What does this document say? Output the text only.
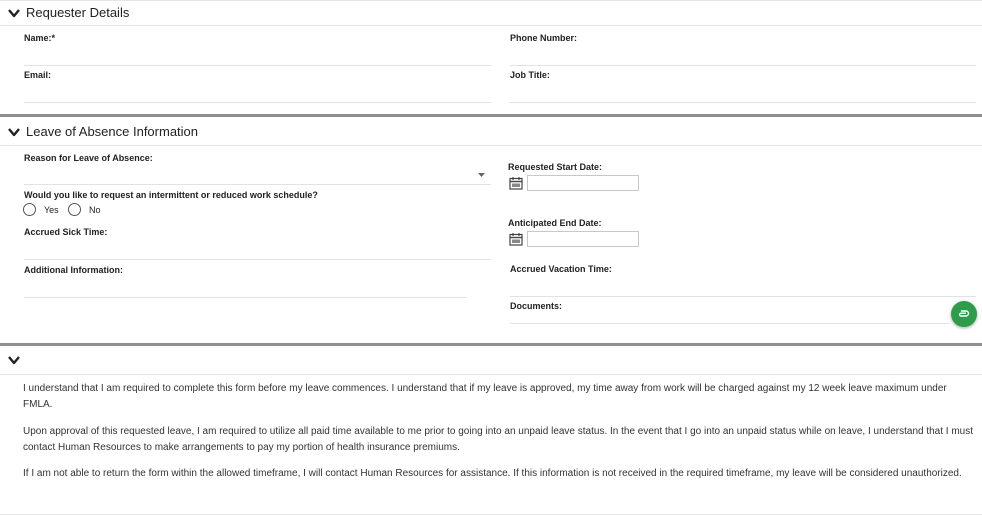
Requester Details
Name:*	Phone Number:
Email:	Job Title:
Leave of Absence Information
Reason for Leave of Absence:
Would you like to request an intermittent or reduced work schedule?
Yes	No
Accrued Sick Time:
Additional Information:
Requested Start Date:
Anticipated End Date:
Accrued Vacation Time:
Documents:
I understand that I am required to complete this form before my leave commences. I understand that if my leave is approved, my time away from work will be charged against my 12 week leave maximum under FMLA.
Upon approval of this requested leave, I am required to utilize all paid time available to me prior to going into an unpaid leave status. In the event that I go into an unpaid status while on leave, I understand that I must contact Human Resources to make arrangements to pay my portion of health insurance premiums.
If I am not able to return the form within the allowed timeframe, I will contact Human Resources for assistance. If this information is not received in the required timeframe, my leave will be considered unauthorized.
